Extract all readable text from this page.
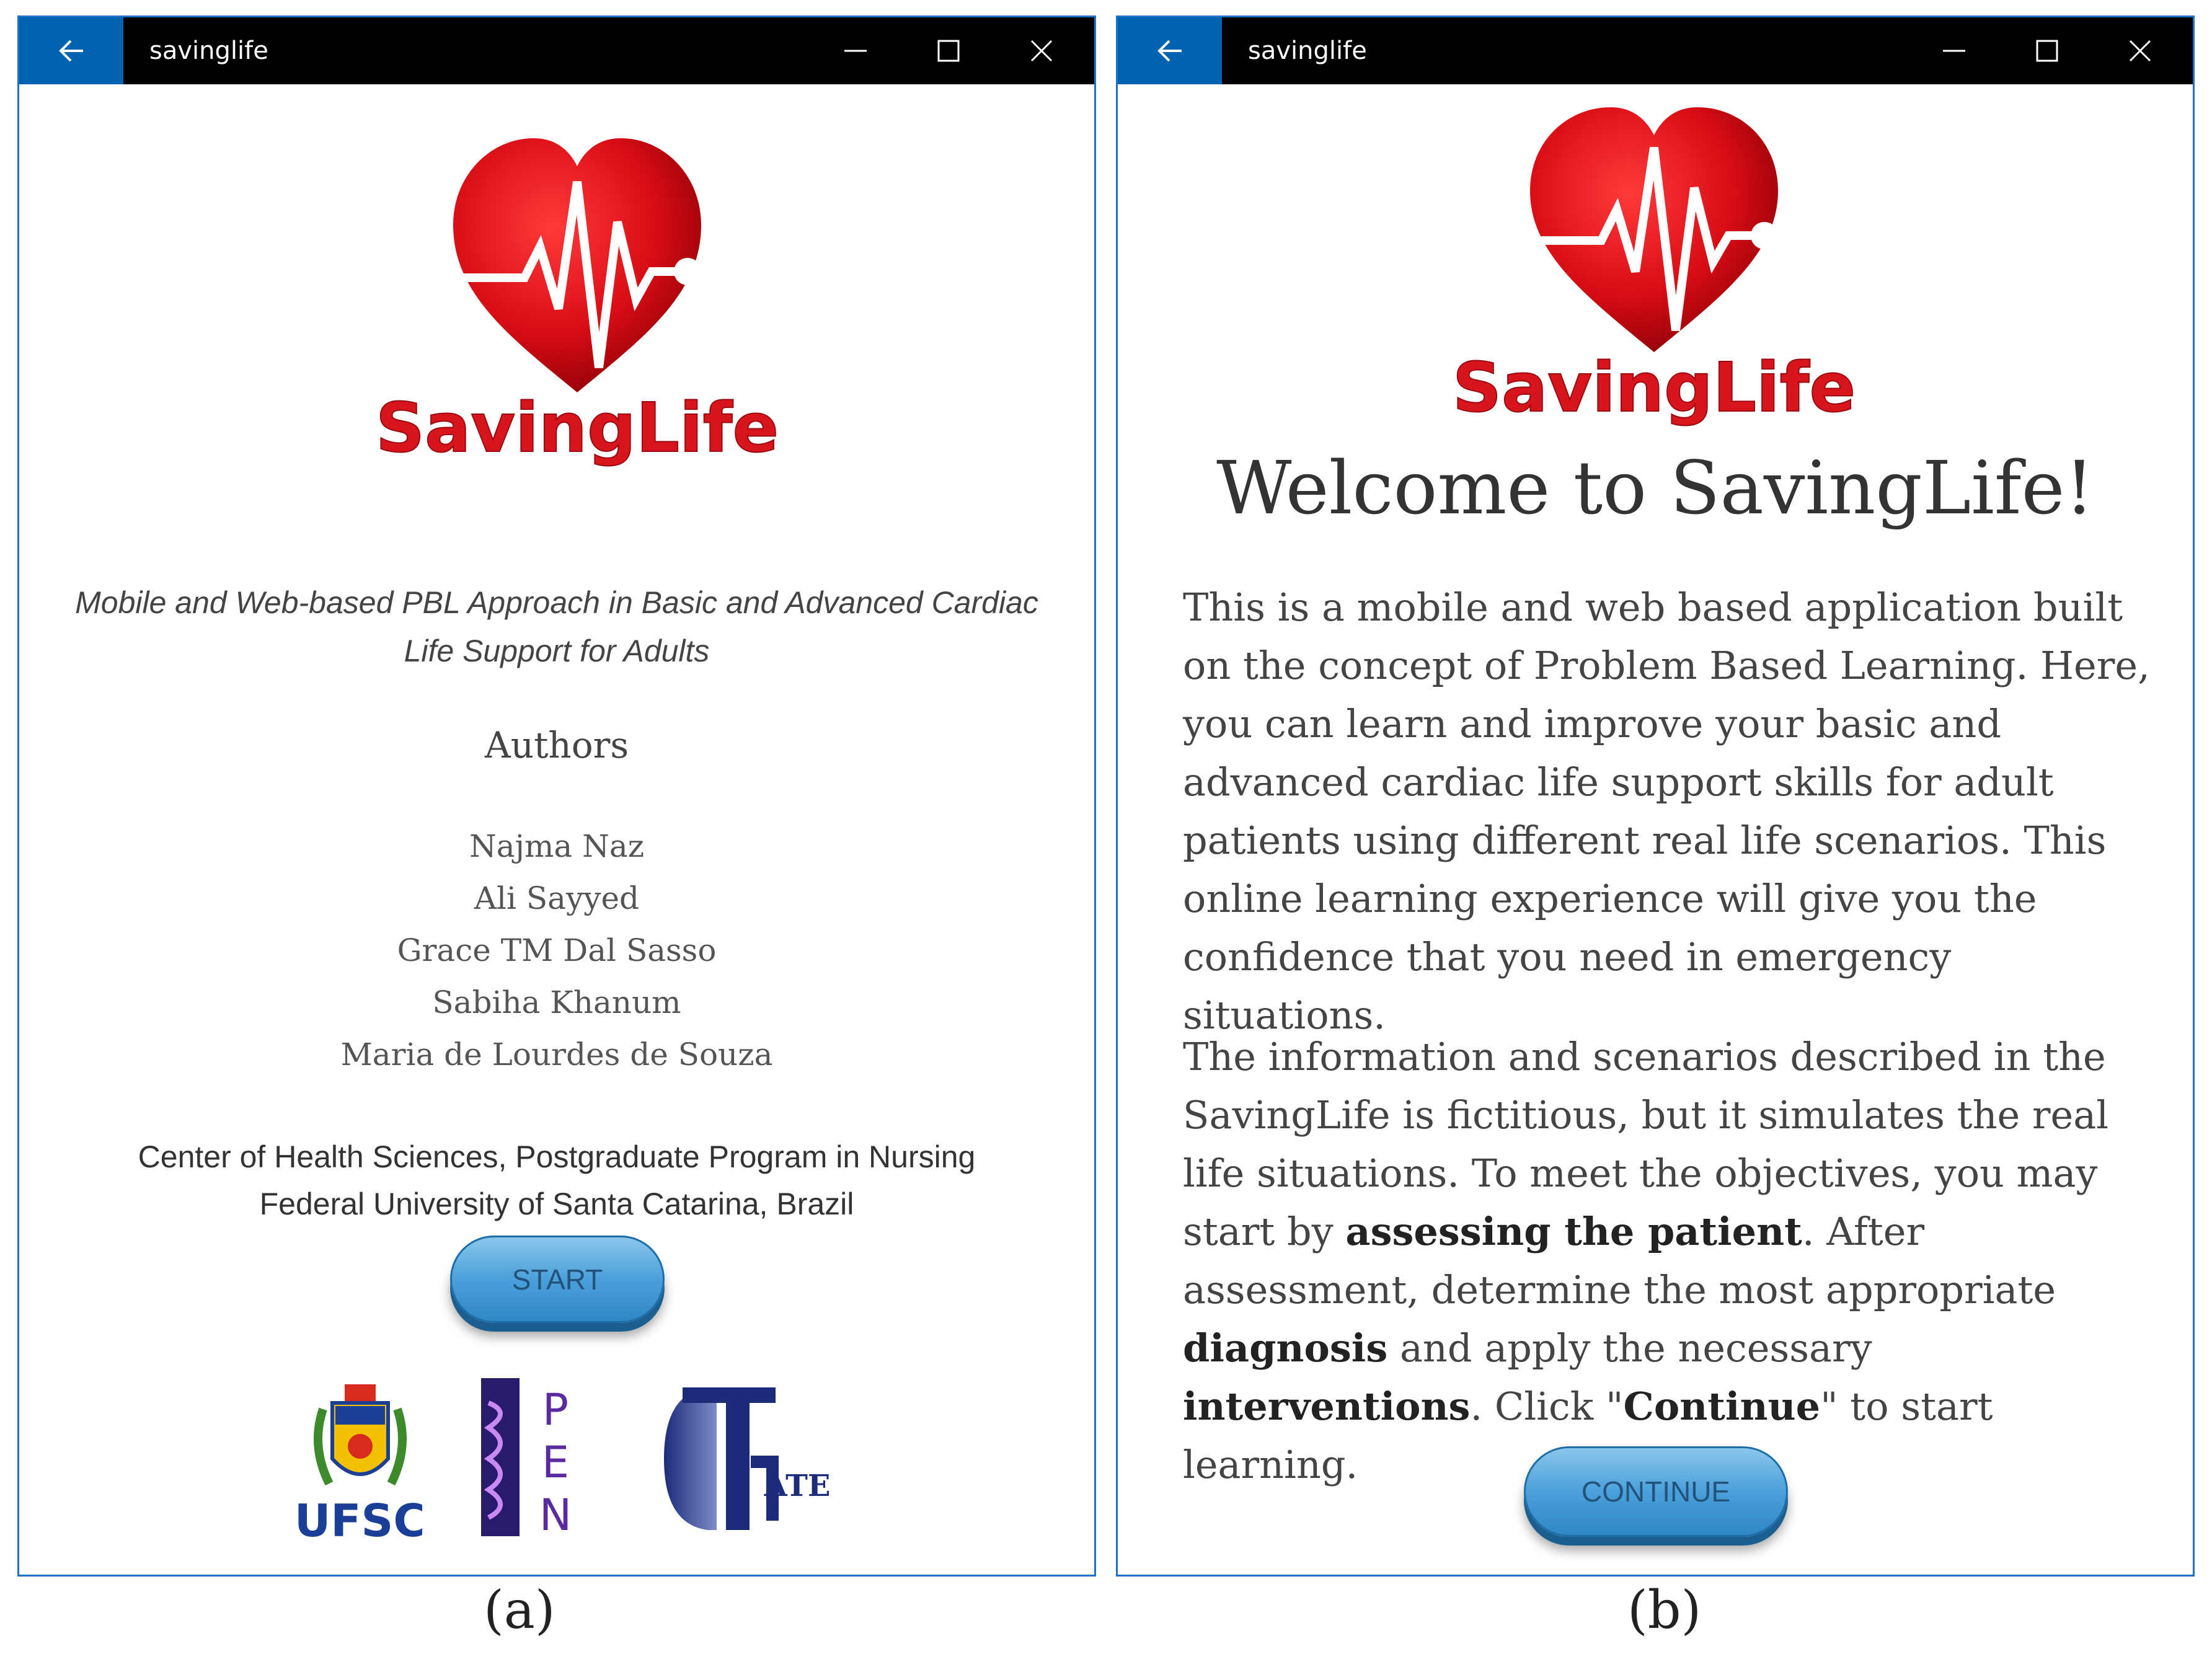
savinglife
SavingLife
Mobile and Web-based PBL Approach in Basic and Advanced Cardiac
Life Support for Adults
Authors
Najma Naz
Ali Sayyed
Grace TM Dal Sasso
Sabiha Khanum
Maria de Lourdes de Souza
Center of Health Sciences, Postgraduate Program in Nursing
Federal University of Santa Catarina, Brazil
START
UFSC
P
E
N
ATE
savinglife
SavingLife
Welcome to SavingLife!
This is a mobile and web based application built on the concept of Problem Based Learning. Here, you can learn and improve your basic and advanced cardiac life support skills for adult patients using different real life scenarios. This online learning experience will give you the confidence that you need in emergency situations.
The information and scenarios described in the SavingLife is fictitious, but it simulates the real life situations. To meet the objectives, you may start by assessing the patient. After assessment, determine the most appropriate diagnosis and apply the necessary interventions. Click "Continue" to start learning.
CONTINUE
(a)	(b)
